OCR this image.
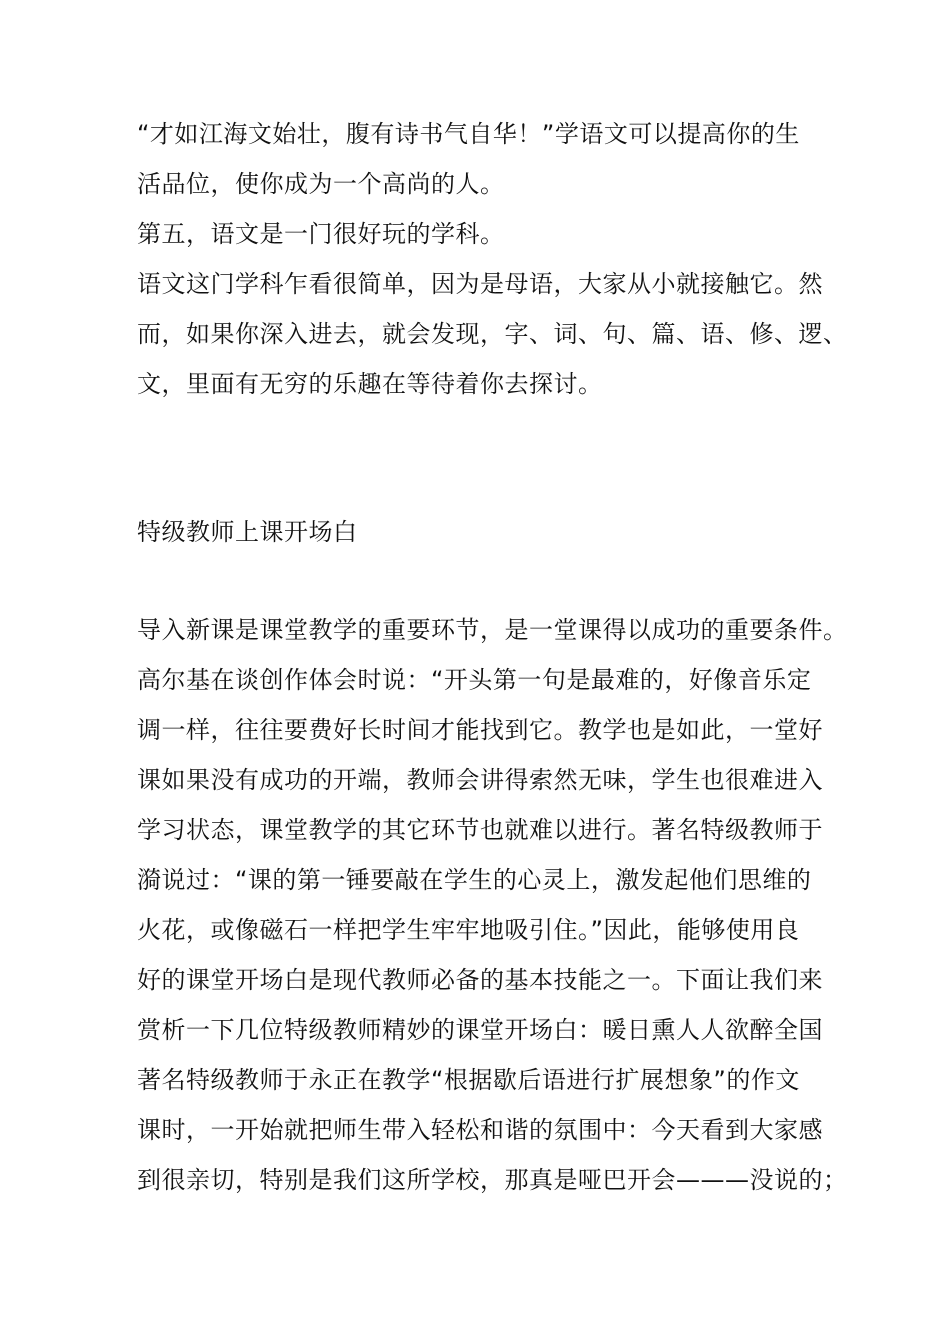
“才如江海文始壮，腹有诗书气自华！”学语文可以提高你的生
活品位，使你成为一个高尚的人。
第五，语文是一门很好玩的学科。
语文这门学科乍看很简单，因为是母语，大家从小就接触它。然
而，如果你深入进去，就会发现，字、词、句、篇、语、修、逻、
文，里面有无穷的乐趣在等待着你去探讨。
特级教师上课开场白
导入新课是课堂教学的重要环节，是一堂课得以成功的重要条件。
高尔基在谈创作体会时说：“开头第一句是最难的，好像音乐定
调一样，往往要费好长时间才能找到它。教学也是如此，一堂好
课如果没有成功的开端，教师会讲得索然无味，学生也很难进入
学习状态，课堂教学的其它环节也就难以进行。著名特级教师于
漪说过：“课的第一锤要敲在学生的心灵上，激发起他们思维的
火花，或像磁石一样把学生牢牢地吸引住。”因此，能够使用良
好的课堂开场白是现代教师必备的基本技能之一。下面让我们来
赏析一下几位特级教师精妙的课堂开场白：暖日熏人人欲醉全国
著名特级教师于永正在教学“根据歇后语进行扩展想象”的作文
课时，一开始就把师生带入轻松和谐的氛围中：今天看到大家感
到很亲切，特别是我们这所学校，那真是哑巴开会———没说的；
